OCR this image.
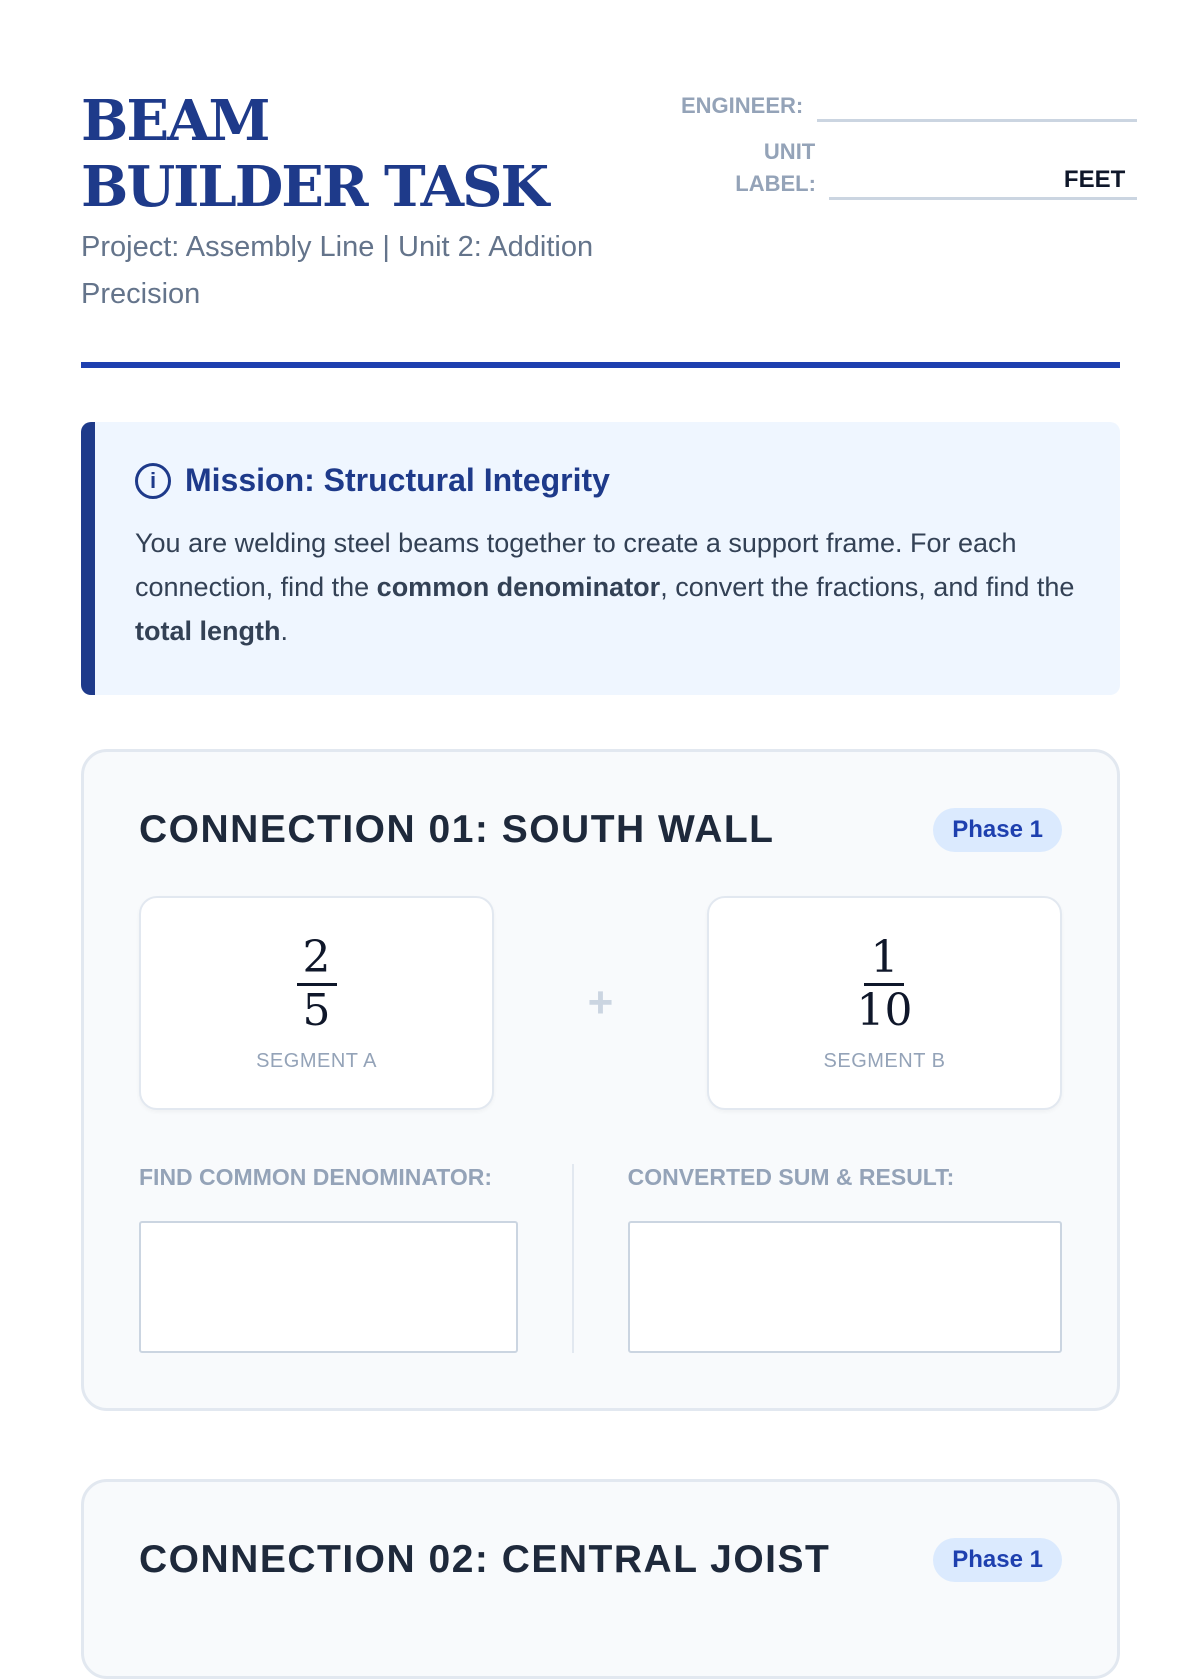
BEAM BUILDER TASK
Project: Assembly Line | Unit 2: Addition Precision
ENGINEER:
UNIT LABEL:	FEET
i Mission: Structural Integrity

You are welding steel beams together to create a support frame. For each connection, find the common denominator, convert the fractions, and find the total length.

CONNECTION 01: SOUTH WALL	Phase 1
$\frac{2}{5}$
SEGMENT A
+	$\frac{1}{10}$
SEGMENT B
FIND COMMON DENOMINATOR:	CONVERTED SUM & RESULT:
CONNECTION 02: CENTRAL JOIST	Phase 1
